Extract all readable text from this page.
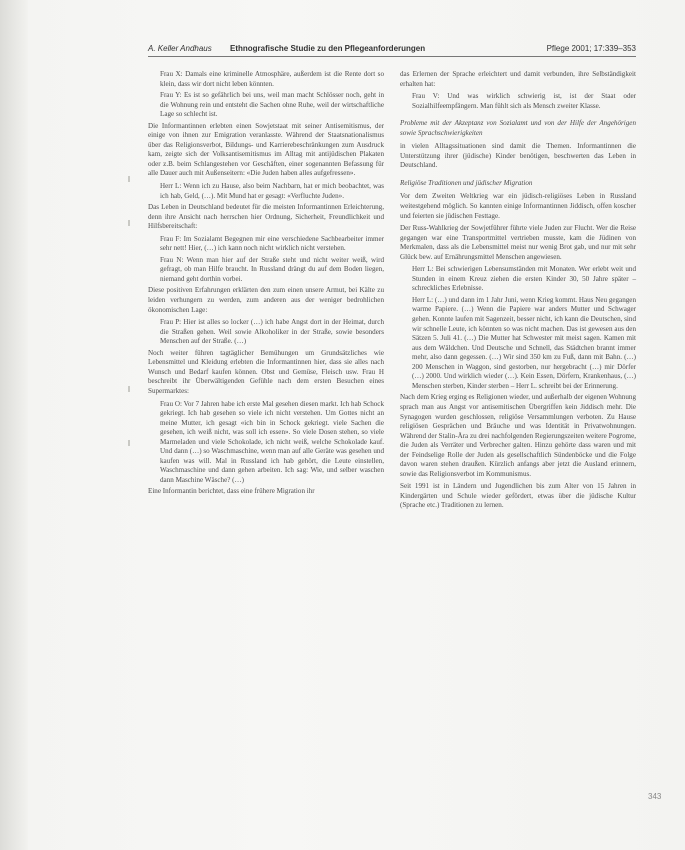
A. Keller Andhaus Ethnografische Studie zu den Pflegeanforderungen	Pflege 2001; 17:339–353

Frau X: Damals eine kriminelle Atmosphäre, außerdem ist die Rente dort so klein, dass wir dort nicht leben könnten.

Frau Y: Es ist so gefährlich bei uns, weil man macht Schlösser noch, geht in die Wohnung rein und entsteht die Sachen ohne Ruhe, weil der wirtschaftliche Lage so schlecht ist.

Die Informantinnen erlebten einen Sowjetstaat mit seiner Antisemitismus, der einige von ihnen zur Emigration veranlasste. Während der Staatsnationalismus über das Religionsverbot, Bildungs- und Karrierebeschränkungen zum Ausdruck kam, zeigte sich der Volksantisemitismus im Alltag mit antijüdischen Plakaten oder z.B. beim Schlangestehen vor Geschäften, einer sogenannten Befassung für alle Dauer auch mit Außenseitern: «Die Juden haben alles aufgefressen».

Herr L: Wenn ich zu Hause, also beim Nachbarn, hat er mich beobachtet, was ich hab, Geld, (…). Mit Mund hat er gesagt: «Verfluchte Juden».

Das Leben in Deutschland bedeutet für die meisten Informantinnen Erleichterung, denn ihre Ansicht nach herrschen hier Ordnung, Sicherheit, Freundlichkeit und Hilfsbereitschaft:

Frau F: Im Sozialamt Begegnen mir eine verschiedene Sachbearbeiter immer sehr nett! Hier, (…) ich kann noch nicht wirklich nicht verstehen.

Frau N: Wenn man hier auf der Straße steht und nicht weiter weiß, wird gefragt, ob man Hilfe braucht. In Russland drängt du auf dem Boden liegen, niemand geht dorthin vorbei.

Diese positiven Erfahrungen erklärten den zum einen unsere Armut, bei Kälte zu leiden verhungern zu werden, zum anderen aus der weniger bedrohlichen ökonomischen Lage:

Frau P: Hier ist alles so locker (…) ich habe Angst dort in der Heimat, durch die Straßen gehen. Weil sowie Alkoholiker in der Straße, sowie besonders Menschen auf der Straße. (…)

Noch weiter führen tagtäglicher Bemühungen um Grundsätzliches wie Lebensmittel und Kleidung erlebten die Informantinnen hier, dass sie alles nach Wunsch und Bedarf kaufen können. Obst und Gemüse, Fleisch usw. Frau H beschreibt ihr Überwältigenden Gefühle nach dem ersten Besuchen eines Supermarktes:

Frau O: Vor 7 Jahren habe ich erste Mal gesehen diesen markt. Ich hab Schock gekriegt. Ich hab gesehen so viele ich nicht verstehen. Um Gottes nicht an meine Mutter, ich gesagt «ich bin in Schock gekriegt. viele Sachen die gesehen, ich weiß nicht, was soll ich essen». So viele Dosen stehen, so viele Marmeladen und viele Schokolade, ich nicht weiß, welche Schokolade kauf. Und dann (…) so Waschmaschine, wenn man auf alle Geräte was gesehen und kaufen was will. Mal in Russland ich hab gehört, die Leute einstellen, Waschmaschine und dann gehen arbeiten. Ich sag: Wie, und selber waschen dann Maschine Wäsche? (…)

Eine Informantin berichtet, dass eine frühere Migration ihr

das Erlernen der Sprache erleichtert und damit verbunden, ihre Selbständigkeit erhalten hat:

Frau V: Und was wirklich schwierig ist, ist der Staat oder Sozialhilfeempfängern. Man fühlt sich als Mensch zweiter Klasse.

Probleme mit der Akzeptanz von Sozialamt und von der Hilfe der Angehörigen sowie Sprachschwierigkeiten

in vielen Alltagssituationen sind damit die Themen. Informantinnen die Unterstützung ihrer (jüdische) Kinder benötigen, beschwerten das Leben in Deutschland.

Religiöse Traditionen und jüdischer Migration

Vor dem Zweiten Weltkrieg war ein jüdisch-religiöses Leben in Russland weitestgehend möglich. So kannten einige Informantinnen Jiddisch, offen koscher und feierten sie jüdischen Festtage.

Der Russ-Wahlkrieg der Sowjetführer führte viele Juden zur Flucht. Wer die Reise gegangen war eine Transportmittel vertrieben musste, kam die Jüdinen von Merkmalen, dass als die Lebensmittel meist nur wenig Brot gab, und nur mit sehr Glück bew. auf Ernährungsmittel Menschen angewiesen.

Herr L: Bei schwierigen Lebensumständen mit Monaten. Wer erlebt weit und Stunden in einem Kreuz ziehen die ersten Kinder 30, 50 Jahre später – schreckliches Erlebnisse.

Herr L: (…) und dann im 1 Jahr Juni, wenn Krieg kommt. Haus Neu gegangen warme Papiere. (…) Wenn die Papiere war anders Mutter und Schwager gehen. Konnte laufen mit Sagenzeit, besser nicht, ich kann die Deutschen, sind wir schnelle Leute, ich könnten so was nicht machen. Das ist gewesen aus den Sätzen 5. Juli 41. (…) Die Mutter hat Schwester mit meist sagen. Kamen mit aus dem Wäldchen. Und Deutsche und Schnell, das Städtchen brannt immer mehr, also dann gegessen. (…) Wir sind 350 km zu Fuß, dann mit Bahn. (…) 200 Menschen in Waggon, sind gestorben, nur hergebracht (…) mir Dörfer (…) 2000. Und wirklich wieder (…). Kein Essen, Dörfern, Krankenhaus, (…) Menschen sterben, Kinder sterben – Herr L. schreibt bei der Erinnerung.

Nach dem Krieg erging es Religionen wieder, und außerhalb der eigenen Wohnung sprach man aus Angst vor antisemitischen Übergriffen kein Jiddisch mehr. Die Synagogen wurden geschlossen, religiöse Versammlungen verboten. Zu Hause religiösen Gesprächen und Bräuche und was Identität in Privatwohnungen. Während der Stalin-Ära zu drei nachfolgenden Regierungszeiten weitere Pogrome, die Juden als Verräter und Verbrecher galten. Hinzu gehörte dass waren und mit der Feindselige Rolle der Juden als gesellschaftlich Sündenböcke und die Folge davon waren stehen draußen. Kürzlich anfangs aber jetzt die Ausland erinnern, sowie das Religionsverbot im Kommunismus.

Seit 1991 ist in Ländern und Jugendlichen bis zum Alter von 15 Jahren in Kindergärten und Schule wieder gefördert, etwas über die jüdische Kultur (Sprache etc.) Traditionen zu lernen.

343
